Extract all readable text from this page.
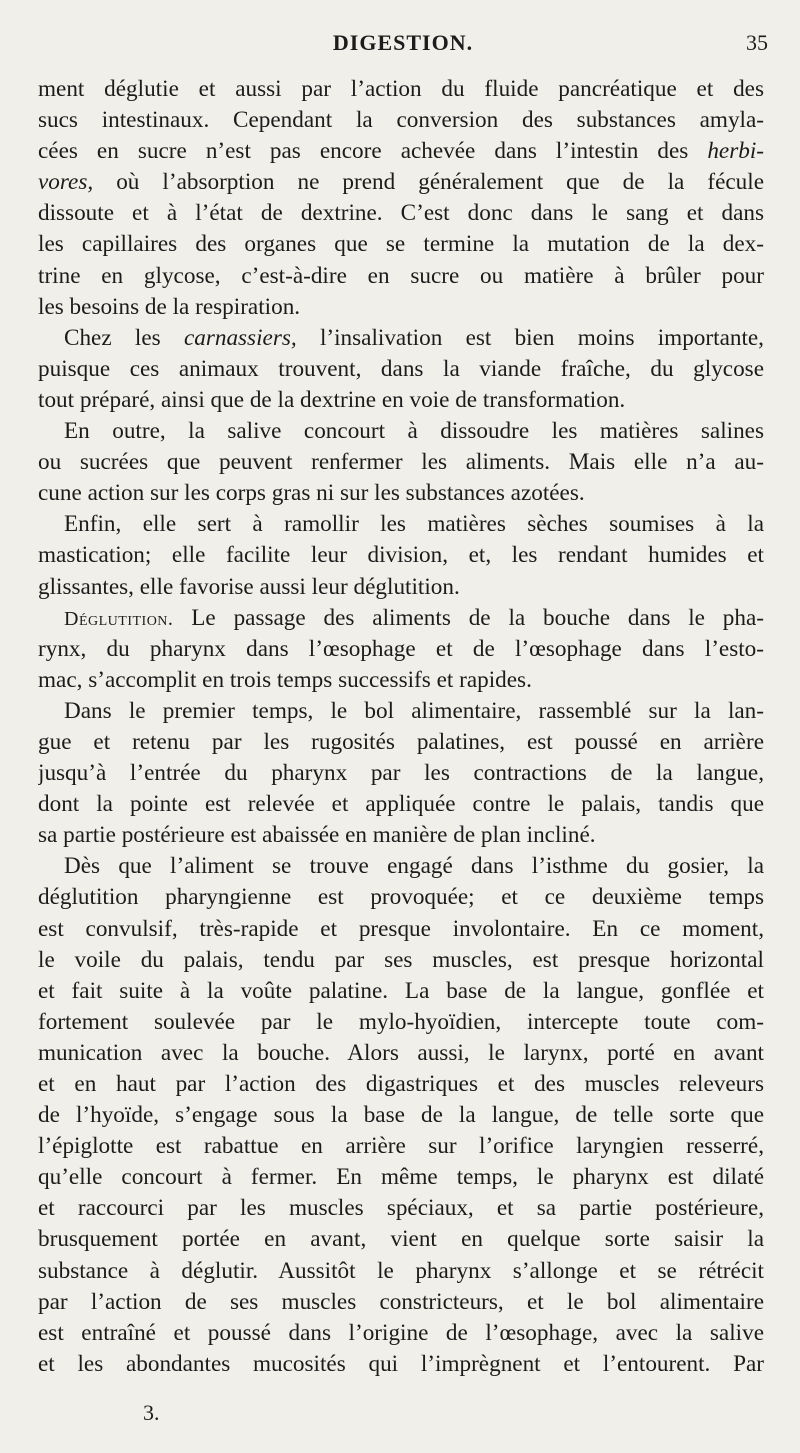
DIGESTION.	35
ment déglutie et aussi par l’action du fluide pancréatique et des
sucs intestinaux. Cependant la conversion des substances amyla-
cées en sucre n’est pas encore achevée dans l’intestin des herbi-
vores, où l’absorption ne prend généralement que de la fécule
dissoute et à l’état de dextrine. C’est donc dans le sang et dans
les capillaires des organes que se termine la mutation de la dex-
trine en glycose, c’est-à-dire en sucre ou matière à brûler pour
les besoins de la respiration.
Chez les carnassiers, l’insalivation est bien moins importante,
puisque ces animaux trouvent, dans la viande fraîche, du glycose
tout préparé, ainsi que de la dextrine en voie de transformation.
En outre, la salive concourt à dissoudre les matières salines
ou sucrées que peuvent renfermer les aliments. Mais elle n’a au-
cune action sur les corps gras ni sur les substances azotées.
Enfin, elle sert à ramollir les matières sèches soumises à la
mastication; elle facilite leur division, et, les rendant humides et
glissantes, elle favorise aussi leur déglutition.
Déglutition. Le passage des aliments de la bouche dans le pha-
rynx, du pharynx dans l’œsophage et de l’œsophage dans l’esto-
mac, s’accomplit en trois temps successifs et rapides.
Dans le premier temps, le bol alimentaire, rassemblé sur la lan-
gue et retenu par les rugosités palatines, est poussé en arrière
jusqu’à l’entrée du pharynx par les contractions de la langue,
dont la pointe est relevée et appliquée contre le palais, tandis que
sa partie postérieure est abaissée en manière de plan incliné.
Dès que l’aliment se trouve engagé dans l’isthme du gosier, la
déglutition pharyngienne est provoquée; et ce deuxième temps
est convulsif, très-rapide et presque involontaire. En ce moment,
le voile du palais, tendu par ses muscles, est presque horizontal
et fait suite à la voûte palatine. La base de la langue, gonflée et
fortement soulevée par le mylo-hyoïdien, intercepte toute com-
munication avec la bouche. Alors aussi, le larynx, porté en avant
et en haut par l’action des digastriques et des muscles releveurs
de l’hyoïde, s’engage sous la base de la langue, de telle sorte que
l’épiglotte est rabattue en arrière sur l’orifice laryngien resserré,
qu’elle concourt à fermer. En même temps, le pharynx est dilaté
et raccourci par les muscles spéciaux, et sa partie postérieure,
brusquement portée en avant, vient en quelque sorte saisir la
substance à déglutir. Aussitôt le pharynx s’allonge et se rétrécit
par l’action de ses muscles constricteurs, et le bol alimentaire
est entraîné et poussé dans l’origine de l’œsophage, avec la salive
et les abondantes mucosités qui l’imprègnent et l’entourent. Par
3.
